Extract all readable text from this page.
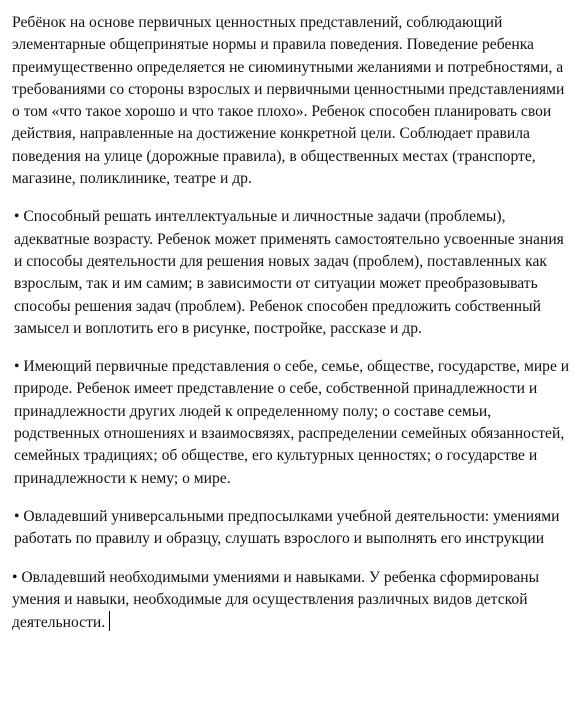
Ребёнок на основе первичных ценностных представлений, соблюдающий элементарные общепринятые нормы и правила поведения. Поведение ребенка преимущественно определяется не сиюминутными желаниями и потребностями, а требованиями со стороны взрослых и первичными ценностными представлениями о том «что такое хорошо и что такое плохо». Ребенок способен планировать свои действия, направленные на достижение конкретной цели. Соблюдает правила поведения на улице (дорожные правила), в общественных местах (транспорте, магазине, поликлинике, театре и др.

• Способный решать интеллектуальные и личностные задачи (проблемы), адекватные возрасту. Ребенок может применять самостоятельно усвоенные знания и способы деятельности для решения новых задач (проблем), поставленных как взрослым, так и им самим; в зависимости от ситуации может преобразовывать способы решения задач (проблем). Ребенок способен предложить собственный замысел и воплотить его в рисунке, постройке, рассказе и др.

• Имеющий первичные представления о себе, семье, обществе, государстве, мире и природе. Ребенок имеет представление о себе, собственной принадлежности и принадлежности других людей к определенному полу; о составе семьи, родственных отношениях и взаимосвязях, распределении семейных обязанностей, семейных традициях; об обществе, его культурных ценностях; о государстве и принадлежности к нему; о мире.

• Овладевший универсальными предпосылками учебной деятельности: умениями работать по правилу и образцу, слушать взрослого и выполнять его инструкции

• Овладевший необходимыми умениями и навыками. У ребенка сформированы умения и навыки, необходимые для осуществления различных видов детской деятельности.
